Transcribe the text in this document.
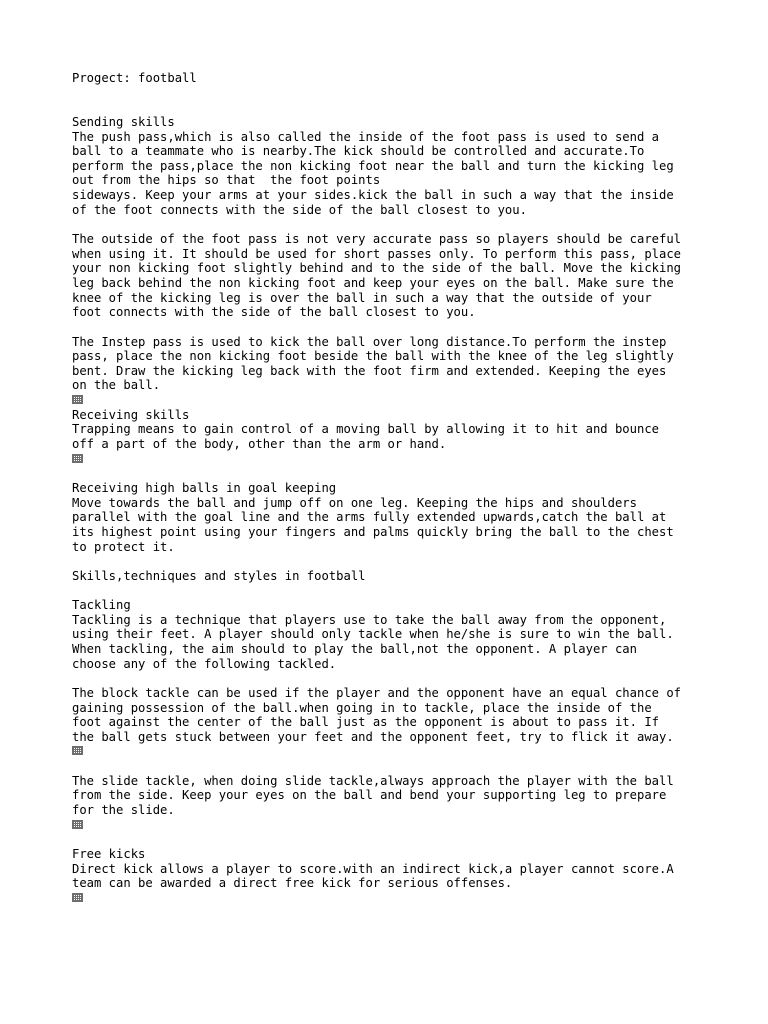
Progect: football
Sending skills
The push pass,which is also called the inside of the foot pass is used to send a
ball to a teammate who is nearby.The kick should be controlled and accurate.To
perform the pass,place the non kicking foot near the ball and turn the kicking leg
out from the hips so that  the foot points
sideways. Keep your arms at your sides.kick the ball in such a way that the inside
of the foot connects with the side of the ball closest to you.
The outside of the foot pass is not very accurate pass so players should be careful
when using it. It should be used for short passes only. To perform this pass, place
your non kicking foot slightly behind and to the side of the ball. Move the kicking
leg back behind the non kicking foot and keep your eyes on the ball. Make sure the
knee of the kicking leg is over the ball in such a way that the outside of your
foot connects with the side of the ball closest to you.
The Instep pass is used to kick the ball over long distance.To perform the instep
pass, place the non kicking foot beside the ball with the knee of the leg slightly
bent. Draw the kicking leg back with the foot firm and extended. Keeping the eyes
on the ball.
Receiving skills
Trapping means to gain control of a moving ball by allowing it to hit and bounce
off a part of the body, other than the arm or hand.
Receiving high balls in goal keeping
Move towards the ball and jump off on one leg. Keeping the hips and shoulders
parallel with the goal line and the arms fully extended upwards,catch the ball at
its highest point using your fingers and palms quickly bring the ball to the chest
to protect it.
Skills,techniques and styles in football
Tackling
Tackling is a technique that players use to take the ball away from the opponent,
using their feet. A player should only tackle when he/she is sure to win the ball.
When tackling, the aim should to play the ball,not the opponent. A player can
choose any of the following tackled.
The block tackle can be used if the player and the opponent have an equal chance of
gaining possession of the ball.when going in to tackle, place the inside of the
foot against the center of the ball just as the opponent is about to pass it. If
the ball gets stuck between your feet and the opponent feet, try to flick it away.
The slide tackle, when doing slide tackle,always approach the player with the ball
from the side. Keep your eyes on the ball and bend your supporting leg to prepare
for the slide.
Free kicks
Direct kick allows a player to score.with an indirect kick,a player cannot score.A
team can be awarded a direct free kick for serious offenses.
